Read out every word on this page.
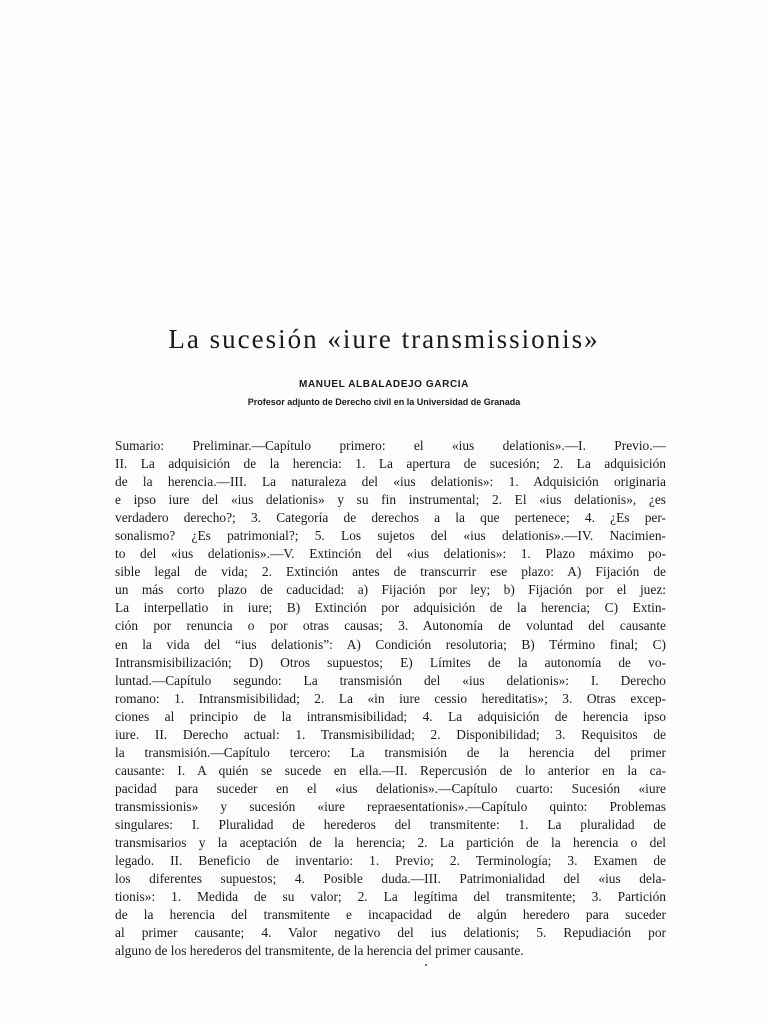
La sucesión «iure transmissionis»
MANUEL ALBALADEJO GARCIA
Profesor adjunto de Derecho civil en la Universidad de Granada
Sumario: Preliminar.—Capítulo primero: el «ius delationis».—I. Previo.—
II. La adquisición de la herencia: 1. La apertura de sucesión; 2. La adquisición
de la herencia.—III. La naturaleza del «ius delationis»: 1. Adquisición originaria
e ipso iure del «ius delationis» y su fin instrumental; 2. El «ius delationis», ¿es
verdadero derecho?; 3. Categoría de derechos a la que pertenece; 4. ¿Es per-
sonalismo? ¿Es patrimonial?; 5. Los sujetos del «ius delationis».—IV. Nacimien-
to del «ius delationis».—V. Extinción del «ius delationis»: 1. Plazo máximo po-
sible legal de vida; 2. Extinción antes de transcurrir ese plazo: A) Fijación de
un más corto plazo de caducidad: a) Fijación por ley; b) Fijación por el juez:
La interpellatio in iure; B) Extinción por adquisición de la herencia; C) Extin-
ción por renuncia o por otras causas; 3. Autonomía de voluntad del causante
en la vida del “ius delationis”: A) Condición resolutoria; B) Término final; C)
Intransmisibilización; D) Otros supuestos; E) Límites de la autonomía de vo-
luntad.—Capítulo segundo: La transmisión del «ius delationis»: I. Derecho
romano: 1. Intransmisibilidad; 2. La «in iure cessio hereditatis»; 3. Otras excep-
ciones al principio de la intransmisibilidad; 4. La adquisición de herencia ipso
iure. II. Derecho actual: 1. Transmisibilidad; 2. Disponibilidad; 3. Requisitos de
la transmisión.—Capítulo tercero: La transmisión de la herencia del primer
causante: I. A quién se sucede en ella.—II. Repercusión de lo anterior en la ca-
pacidad para suceder en el «ius delationis».—Capítulo cuarto: Sucesión «iure
transmissionis» y sucesión «iure repraesentationis».—Capítulo quinto: Problemas
singulares: I. Pluralidad de herederos del transmitente: 1. La pluralidad de
transmisarios y la aceptación de la herencia; 2. La partición de la herencia o del
legado. II. Beneficio de inventario: 1. Previo; 2. Terminología; 3. Examen de
los diferentes supuestos; 4. Posible duda.—III. Patrimonialidad del «ius dela-
tionis»: 1. Medida de su valor; 2. La legítima del transmitente; 3. Partición
de la herencia del transmitente e incapacidad de algún heredero para suceder
al primer causante; 4. Valor negativo del ius delationis; 5. Repudiación por
alguno de los herederos del transmitente, de la herencia del primer causante.
